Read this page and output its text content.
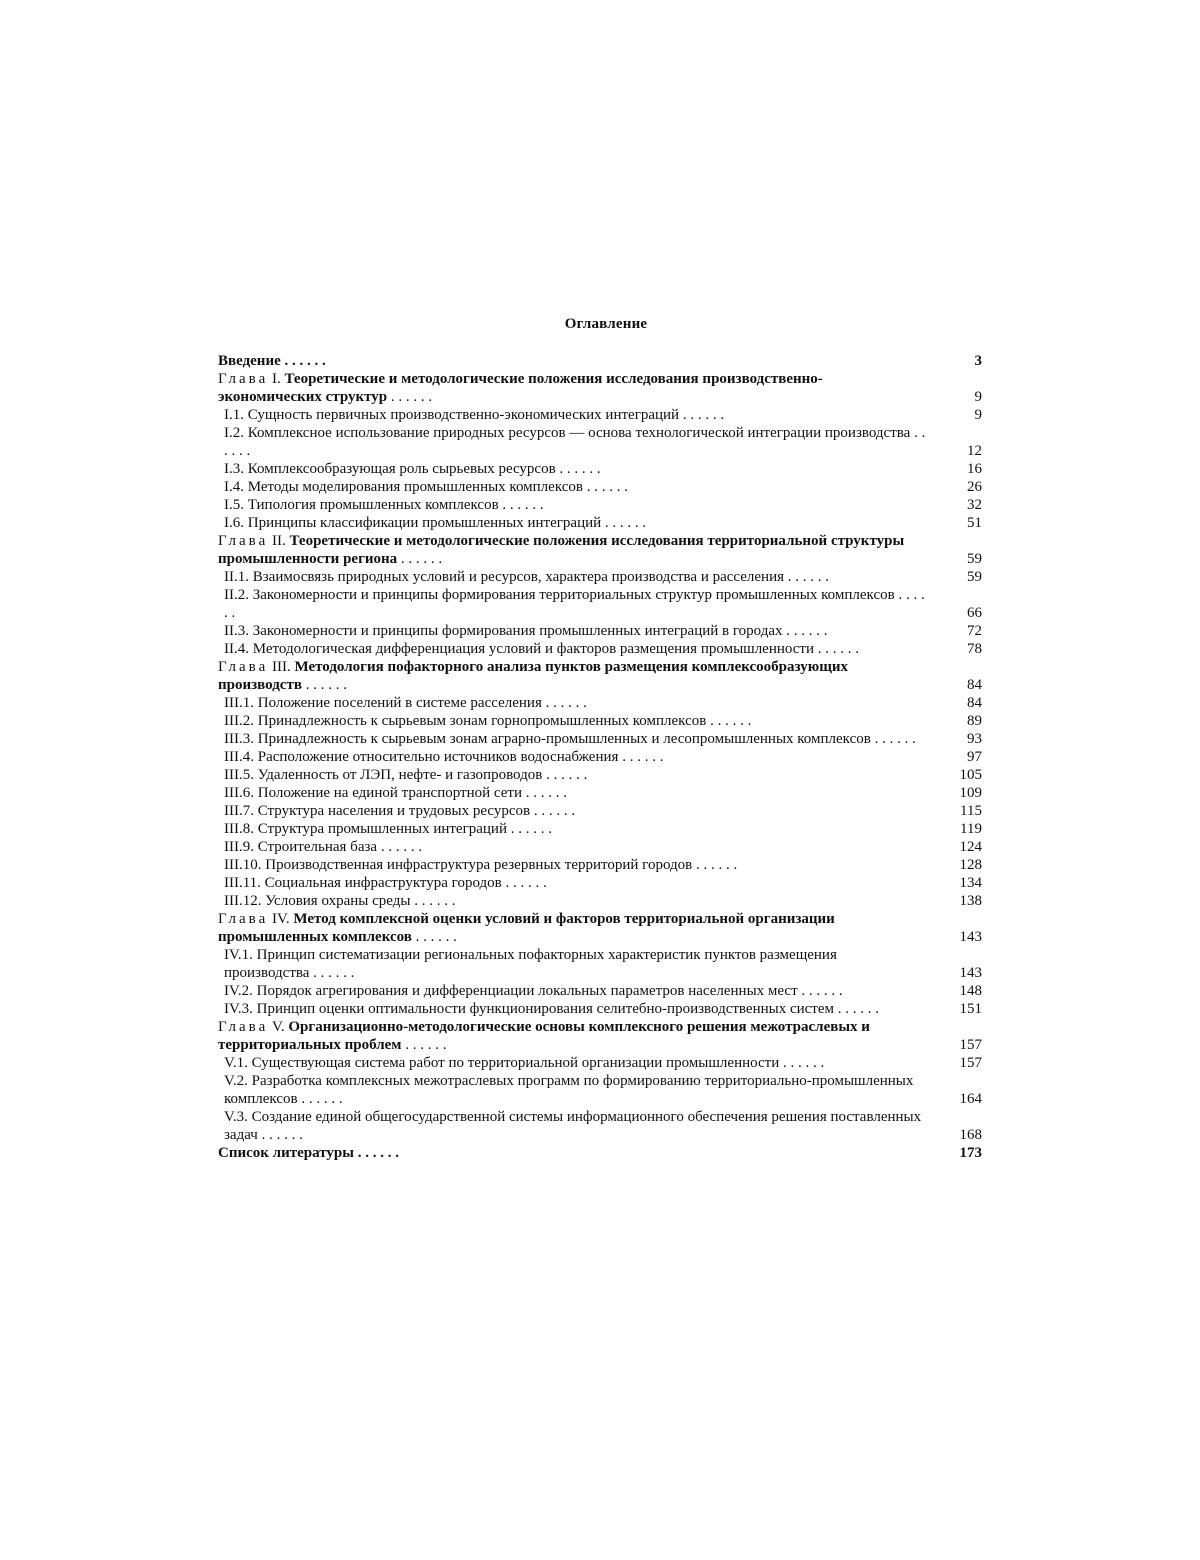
Оглавление
Введение . . . . . .	3
Глава I. Теоретические и методологические положения исследования производственно-экономических структур . . . . . .	9
I.1. Сущность первичных производственно-экономических интеграций . . . . . .	9
I.2. Комплексное использование природных ресурсов — основа технологической интеграции производства . . . . . .	12
I.3. Комплексообразующая роль сырьевых ресурсов . . . . . .	16
I.4. Методы моделирования промышленных комплексов . . . . . .	26
I.5. Типология промышленных комплексов . . . . . .	32
I.6. Принципы классификации промышленных интеграций . . . . . .	51
Глава II. Теоретические и методологические положения исследования территориальной структуры промышленности региона . . . . . .	59
II.1. Взаимосвязь природных условий и ресурсов, характера производства и расселения . . . . . .	59
II.2. Закономерности и принципы формирования территориальных структур промышленных комплексов . . . . . .	66
II.3. Закономерности и принципы формирования промышленных интеграций в городах . . . . . .	72
II.4. Методологическая дифференциация условий и факторов размещения промышленности . . . . . .	78
Глава III. Методология пофакторного анализа пунктов размещения комплексообразующих производств . . . . . .	84
III.1. Положение поселений в системе расселения . . . . . .	84
III.2. Принадлежность к сырьевым зонам горнопромышленных комплексов . . . . . .	89
III.3. Принадлежность к сырьевым зонам аграрно-промышленных и лесопромышленных комплексов . . . . . .	93
III.4. Расположение относительно источников водоснабжения . . . . . .	97
III.5. Удаленность от ЛЭП, нефте- и газопроводов . . . . . .	105
III.6. Положение на единой транспортной сети . . . . . .	109
III.7. Структура населения и трудовых ресурсов . . . . . .	115
III.8. Структура промышленных интеграций . . . . . .	119
III.9. Строительная база . . . . . .	124
III.10. Производственная инфраструктура резервных территорий городов . . . . . .	128
III.11. Социальная инфраструктура городов . . . . . .	134
III.12. Условия охраны среды . . . . . .	138
Глава IV. Метод комплексной оценки условий и факторов территориальной организации промышленных комплексов . . . . . .	143
IV.1. Принцип систематизации региональных пофакторных характеристик пунктов размещения производства . . . . . .	143
IV.2. Порядок агрегирования и дифференциации локальных параметров населенных мест . . . . . .	148
IV.3. Принцип оценки оптимальности функционирования селитебно-производственных систем . . . . . .	151
Глава V. Организационно-методологические основы комплексного решения межотраслевых и территориальных проблем . . . . . .	157
V.1. Существующая система работ по территориальной организации промышленности . . . . . .	157
V.2. Разработка комплексных межотраслевых программ по формированию территориально-промышленных комплексов . . . . . .	164
V.3. Создание единой общегосударственной системы информационного обеспечения решения поставленных задач . . . . . .	168
Список литературы . . . . . .	173
